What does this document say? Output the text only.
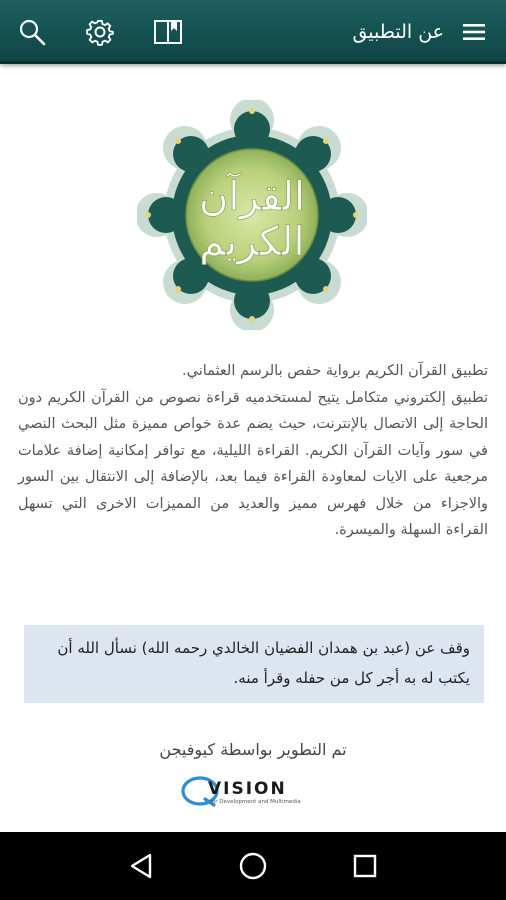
عن التطبيق
القرآن
الكريم

تطبيق القرآن الكريم برواية حفص بالرسم العثماني.

تطبيق إلكتروني متكامل يتيح لمستخدميه قراءة نصوص من القرآن الكريم دون الحاجة إلى الاتصال بالإنترنت، حيث يضم عدة خواص مميزة مثل البحث النصي في سور وآيات القرآن الكريم. القراءة الليلية، مع توافر إمكانية إضافة علامات مرجعية على الايات لمعاودة القراءة فيما بعد، بالإضافة إلى الانتقال بين السور والاجزاء من خلال فهرس مميز والعديد من المميزات الاخرى التي تسهل القراءة السهلة والميسرة.

وقف عن (عبد بن همدان الفضيان الخالدي رحمه الله) نسأل الله أن يكتب له به أجر كل من حفله وقرأ منه.
تم التطوير بواسطة كيوفيجن
VISION
for Development and Multimedia
